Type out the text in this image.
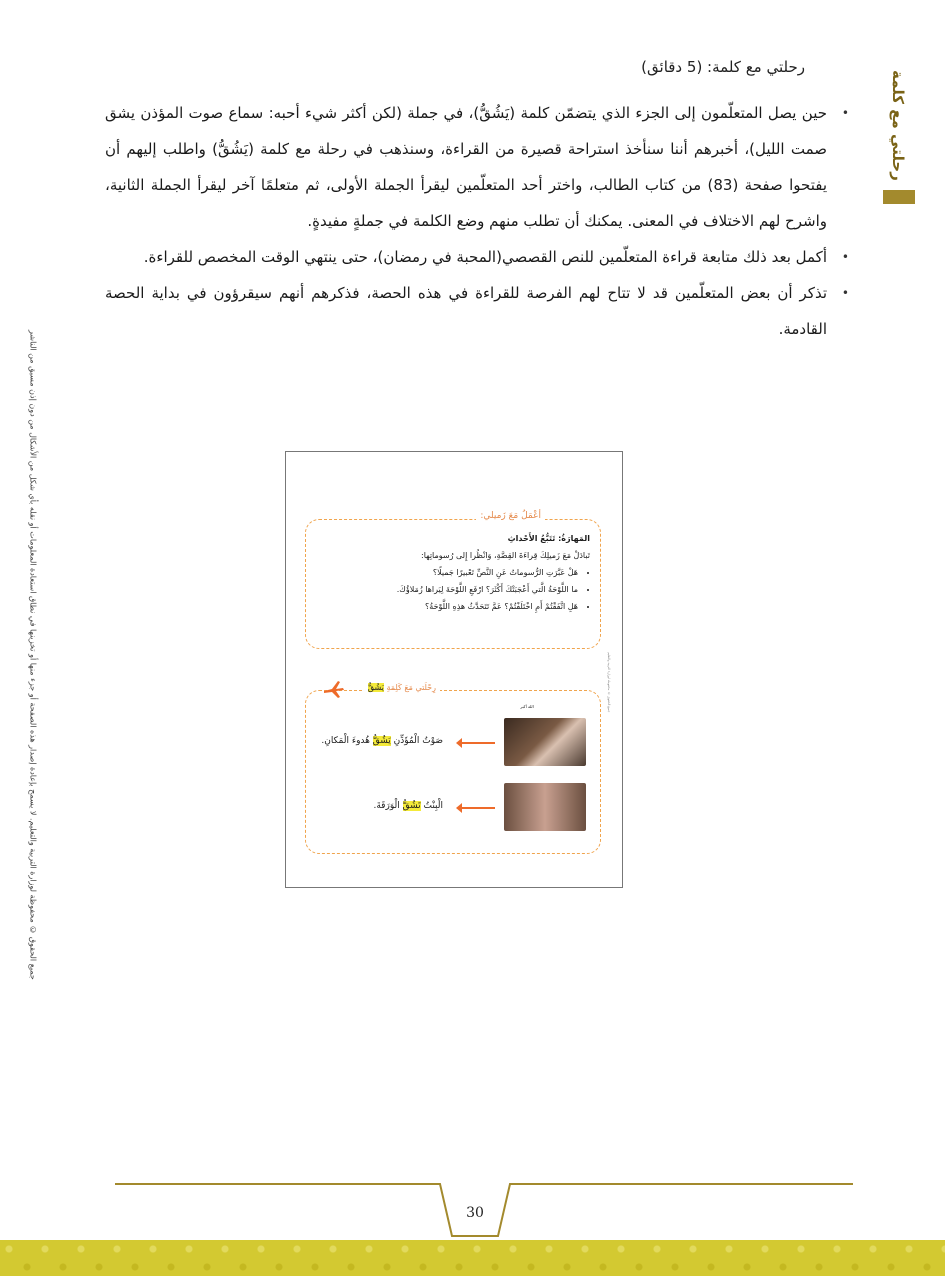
رحلتي مع كلمة: (5 دقائق)
• حين يصل المتعلّمون إلى الجزء الذي يتضمّن كلمة (يَشُقُّ)، في جملة (لكن أكثر شيء أحبه: سماع صوت المؤذن يشق صمت الليل)، أخبرهم أننا سنأخذ استراحة قصيرة من القراءة، وسنذهب في رحلة مع كلمة (يَشُقُّ) واطلب إليهم أن يفتحوا صفحة (83) من كتاب الطالب، واختر أحد المتعلّمين ليقرأ الجملة الأولى، ثم متعلمًا آخر ليقرأ الجملة الثانية، واشرح لهم الاختلاف في المعنى. يمكنك أن تطلب منهم وضع الكلمة في جملةٍ مفيدةٍ.
• أكمل بعد ذلك متابعة قراءة المتعلّمين للنص القصصي(المحبة في رمضان)، حتى ينتهي الوقت المخصص للقراءة.
• تذكر أن بعض المتعلّمين قد لا تتاح لهم الفرصة للقراءة في هذه الحصة، فذكرهم أنهم سيقرؤون في بداية الحصة القادمة.
رحلتي مع كلمة
جميع الحقوق © محفوظة لوزارة التربية والتعليم. لا يسمح بإعادة إصدار هذه الصفحة أو جزء منها أو تخزينها في نطاق استعادة المعلومات أو نقله بأي شكل من الأشكال من دون إذن مسبق من الناشر	أعْمَلُ مَعَ زَميلي:
المَهارَةُ: تَتَبُّعُ الأَحْداثِ
تَبادَلْ مَعَ زَميلِكَ قِراءَةَ القِصَّةِ، وَانْظُرا إِلى رُسوماتِها:
• هَلْ عَبَّرَتِ الرُّسوماتُ عَنِ النَّصِّ تَعْبيرًا جَميلًا؟
• ما اللَّوْحَةُ الَّتي أَعْجَبَتْكَ أَكْثَرَ؟ ارْفَعِ اللَّوْحَةَ لِيَراها زُمَلاؤُكَ.
• هَلِ اتَّفَقْتُمْ أَمِ اخْتَلَفْتُمْ؟ عَمَّ تَتَحَدَّثُ هذِهِ اللَّوْحَةُ؟
رِحْلَتي مَعَ كَلِمَةِ يَشُقُّ
الله أكبر
صَوْتُ الْمُؤَذِّنِ يَشُقُّ هُدوءَ الْمَكانِ.
الْبِنْتُ تَشُقُّ الْوَرَقَةَ.
جميع الحقوق © محفوظة لوزارة التربية والتعليم
30
